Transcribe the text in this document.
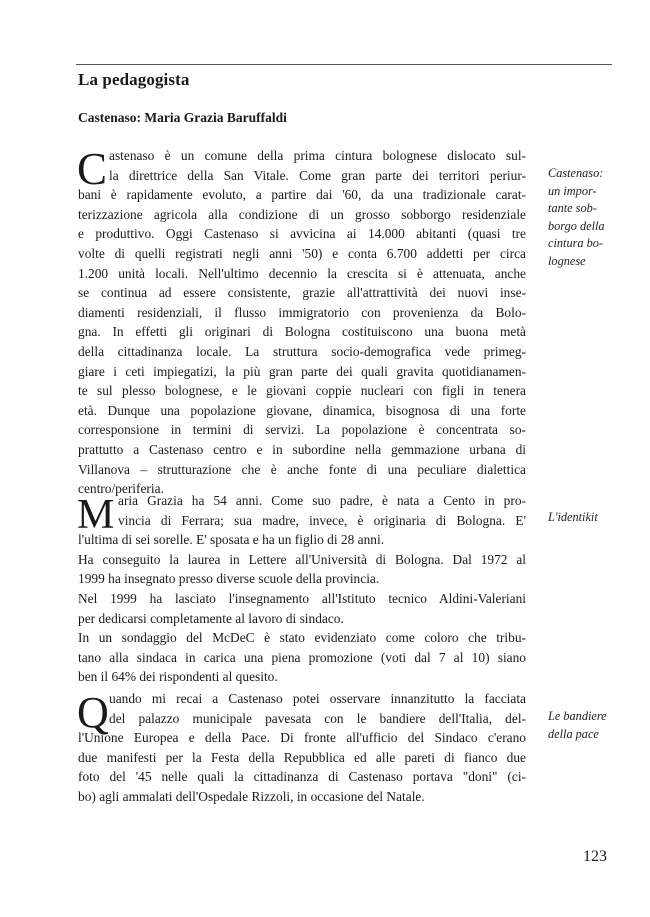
La pedagogista
Castenaso: Maria Grazia Baruffaldi
C astenaso è un comune della prima cintura bolognese dislocato sul-
la direttrice della San Vitale. Come gran parte dei territori periur-
bani è rapidamente evoluto, a partire dai '60, da una tradizionale carat-
terizzazione agricola alla condizione di un grosso sobborgo residenziale
e produttivo. Oggi Castenaso si avvicina ai 14.000 abitanti (quasi tre
volte di quelli registrati negli anni '50) e conta 6.700 addetti per circa
1.200 unità locali. Nell'ultimo decennio la crescita si è attenuata, anche
se continua ad essere consistente, grazie all'attrattività dei nuovi inse-
diamenti residenziali, il flusso immigratorio con provenienza da Bolo-
gna. In effetti gli originari di Bologna costituiscono una buona metà
della cittadinanza locale. La struttura socio-demografica vede primeg-
giare i ceti impiegatizi, la più gran parte dei quali gravita quotidianamen-
te sul plesso bolognese, e le giovani coppie nucleari con figli in tenera
età. Dunque una popolazione giovane, dinamica, bisognosa di una forte
corresponsione in termini di servizi. La popolazione è concentrata so-
prattutto a Castenaso centro e in subordine nella gemmazione urbana di
Villanova – strutturazione che è anche fonte di una peculiare dialettica
centro/periferia.
M aria Grazia ha 54 anni. Come suo padre, è nata a Cento in pro-
vincia di Ferrara; sua madre, invece, è originaria di Bologna. E'
l'ultima di sei sorelle. E' sposata e ha un figlio di 28 anni.
Ha conseguito la laurea in Lettere all'Università di Bologna. Dal 1972 al
1999 ha insegnato presso diverse scuole della provincia.
Nel 1999 ha lasciato l'insegnamento all'Istituto tecnico Aldini-Valeriani
per dedicarsi completamente al lavoro di sindaco.
In un sondaggio del McDeC è stato evidenziato come coloro che tribu-
tano alla sindaca in carica una piena promozione (voti dal 7 al 10) siano
ben il 64% dei rispondenti al quesito.
Q uando mi recai a Castenaso potei osservare innanzitutto la facciata
del palazzo municipale pavesata con le bandiere dell'Italia, del-
l'Unione Europea e della Pace. Di fronte all'ufficio del Sindaco c'erano
due manifesti per la Festa della Repubblica ed alle pareti di fianco due
foto del '45 nelle quali la cittadinanza di Castenaso portava "doni" (ci-
bo) agli ammalati dell'Ospedale Rizzoli, in occasione del Natale.
Castenaso:
un impor-
tante sob-
borgo della
cintura bo-
lognese
L'identikit
Le bandiere
della pace
123
